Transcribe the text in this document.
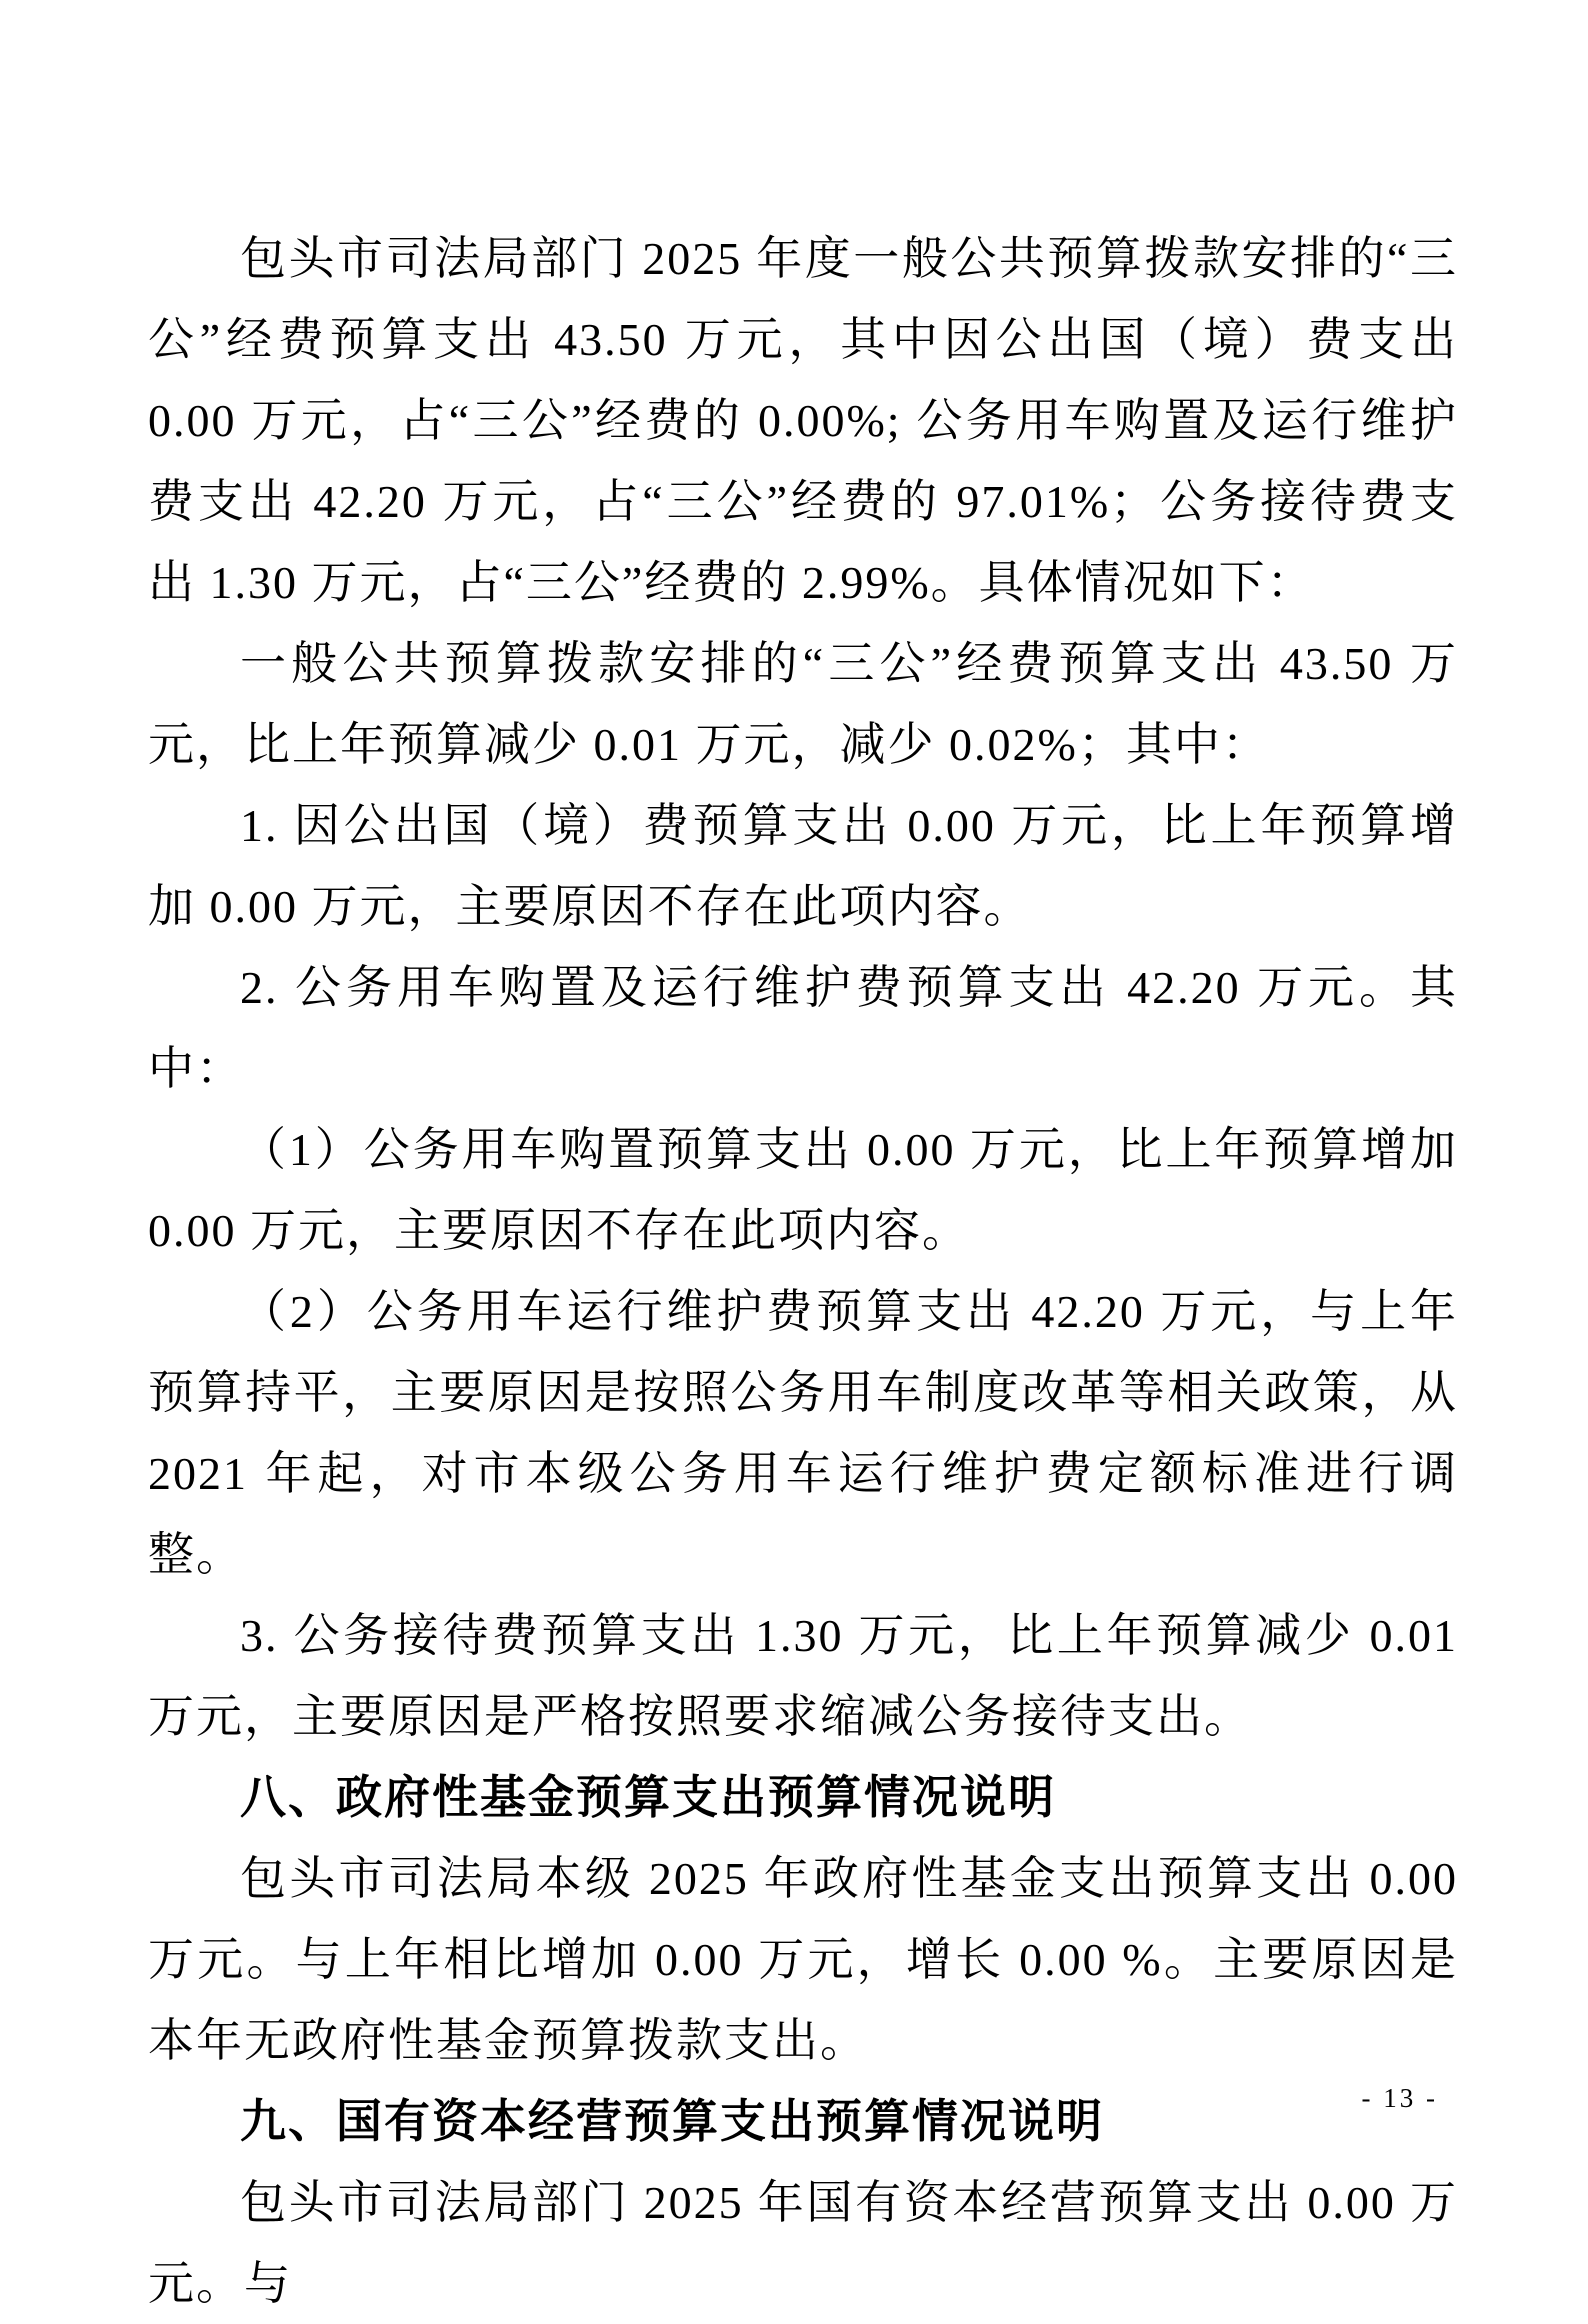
包头市司法局部门 2025 年度一般公共预算拨款安排的“三公”经费预算支出 43.50 万元，其中因公出国（境）费支出 0.00 万元，占“三公”经费的 0.00%; 公务用车购置及运行维护费支出 42.20 万元，占“三公”经费的 97.01%；公务接待费支出 1.30 万元，占“三公”经费的 2.99%。具体情况如下：

一般公共预算拨款安排的“三公”经费预算支出 43.50 万元，比上年预算减少 0.01 万元，减少 0.02%；其中：

1. 因公出国（境）费预算支出 0.00 万元，比上年预算增加 0.00 万元，主要原因不存在此项内容。

2. 公务用车购置及运行维护费预算支出 42.20 万元。其中：

（1）公务用车购置预算支出 0.00 万元，比上年预算增加 0.00 万元，主要原因不存在此项内容。

（2）公务用车运行维护费预算支出 42.20 万元，与上年预算持平，主要原因是按照公务用车制度改革等相关政策，从 2021 年起，对市本级公务用车运行维护费定额标准进行调整。

3. 公务接待费预算支出 1.30 万元，比上年预算减少 0.01 万元，主要原因是严格按照要求缩减公务接待支出。

八、政府性基金预算支出预算情况说明

包头市司法局本级 2025 年政府性基金支出预算支出 0.00 万元。与上年相比增加 0.00 万元，增长 0.00 %。主要原因是本年无政府性基金预算拨款支出。

九、国有资本经营预算支出预算情况说明

包头市司法局部门 2025 年国有资本经营预算支出 0.00 万元。与

- 13 -
